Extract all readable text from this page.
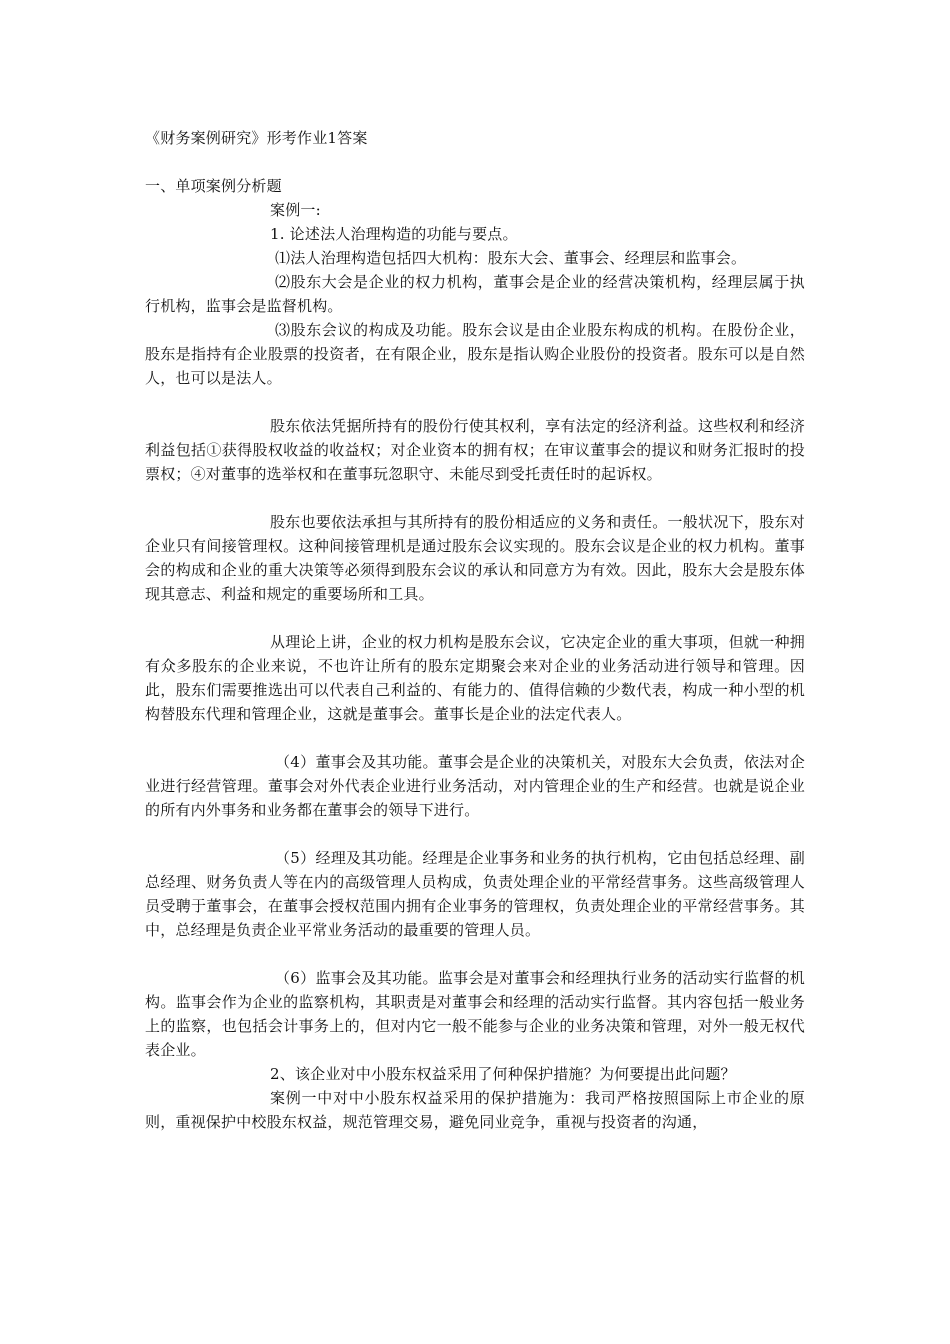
《财务案例研究》形考作业1答案

一、单项案例分析题

案例一:

1. 论述法人治理构造的功能与要点。

⑴法人治理构造包括四大机构：股东大会、董事会、经理层和监事会。

⑵股东大会是企业的权力机构，董事会是企业的经营决策机构，经理层属于执行机构，监事会是监督机构。

⑶股东会议的构成及功能。股东会议是由企业股东构成的机构。在股份企业，股东是指持有企业股票的投资者，在有限企业，股东是指认购企业股份的投资者。股东可以是自然人，也可以是法人。

股东依法凭据所持有的股份行使其权利，享有法定的经济利益。这些权利和经济利益包括①获得股权收益的收益权；对企业资本的拥有权；在审议董事会的提议和财务汇报时的投票权；④对董事的选举权和在董事玩忽职守、未能尽到受托责任时的起诉权。

股东也要依法承担与其所持有的股份相适应的义务和责任。一般状况下，股东对企业只有间接管理权。这种间接管理机是通过股东会议实现的。股东会议是企业的权力机构。董事会的构成和企业的重大决策等必须得到股东会议的承认和同意方为有效。因此，股东大会是股东体现其意志、利益和规定的重要场所和工具。

从理论上讲，企业的权力机构是股东会议，它决定企业的重大事项，但就一种拥有众多股东的企业来说，不也许让所有的股东定期聚会来对企业的业务活动进行领导和管理。因此，股东们需要推选出可以代表自己利益的、有能力的、值得信赖的少数代表，构成一种小型的机构替股东代理和管理企业，这就是董事会。董事长是企业的法定代表人。

（4）董事会及其功能。董事会是企业的决策机关，对股东大会负责，依法对企业进行经营管理。董事会对外代表企业进行业务活动，对内管理企业的生产和经营。也就是说企业的所有内外事务和业务都在董事会的领导下进行。

（5）经理及其功能。经理是企业事务和业务的执行机构，它由包括总经理、副总经理、财务负责人等在内的高级管理人员构成，负责处理企业的平常经营事务。这些高级管理人员受聘于董事会，在董事会授权范围内拥有企业事务的管理权，负责处理企业的平常经营事务。其中，总经理是负责企业平常业务活动的最重要的管理人员。

（6）监事会及其功能。监事会是对董事会和经理执行业务的活动实行监督的机构。监事会作为企业的监察机构，其职责是对董事会和经理的活动实行监督。其内容包括一般业务上的监察，也包括会计事务上的，但对内它一般不能参与企业的业务决策和管理，对外一般无权代表企业。

2、该企业对中小股东权益采用了何种保护措施？为何要提出此问题？

案例一中对中小股东权益采用的保护措施为：我司严格按照国际上市企业的原则，重视保护中校股东权益，规范管理交易，避免同业竞争，重视与投资者的沟通，
